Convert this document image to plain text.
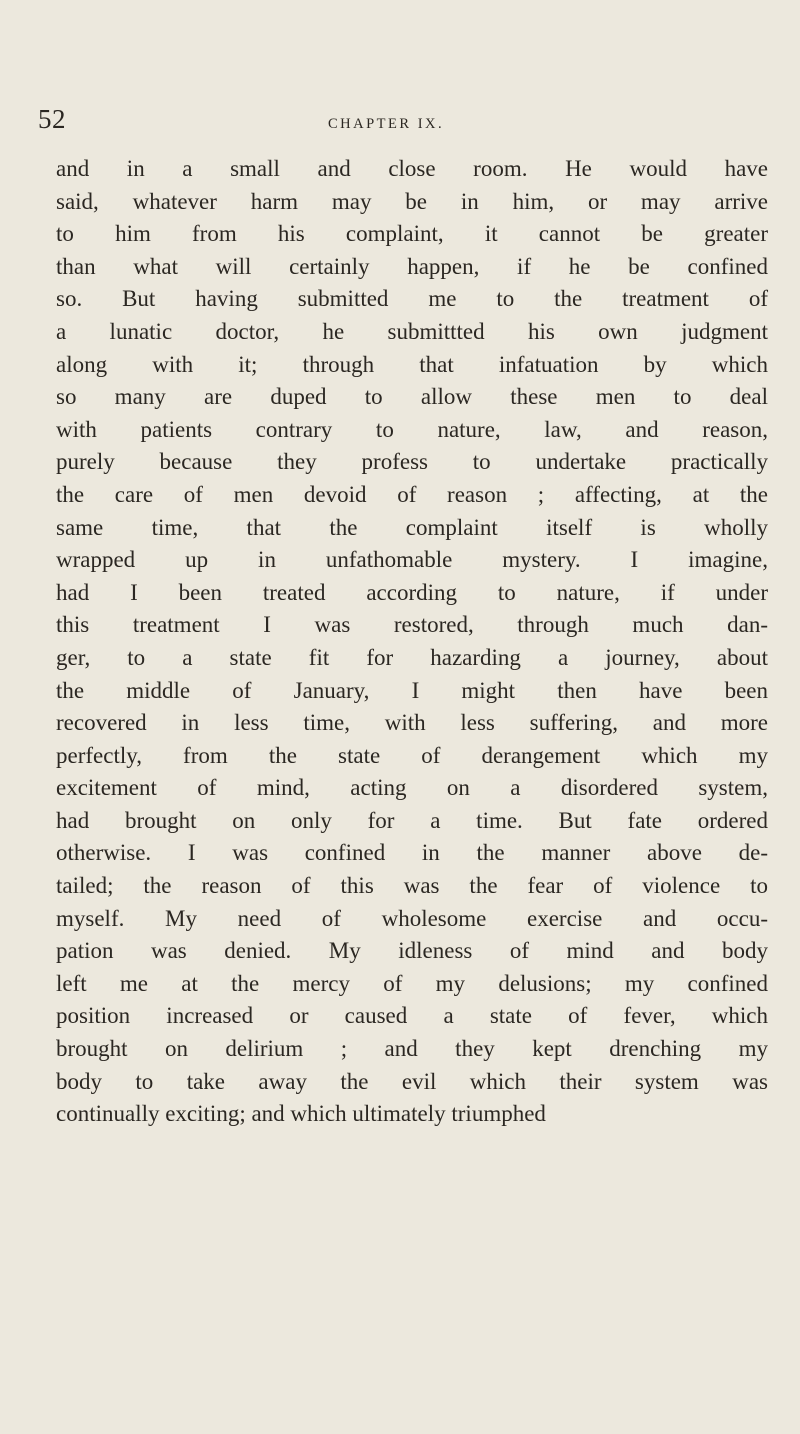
52	CHAPTER IX.
and in a small and close room. He would have
said, whatever harm may be in him, or may arrive
to him from his complaint, it cannot be greater
than what will certainly happen, if he be confined
so. But having submitted me to the treatment of
a lunatic doctor, he submittted his own judgment
along with it; through that infatuation by which
so many are duped to allow these men to deal
with patients contrary to nature, law, and reason,
purely because they profess to undertake practically
the care of men devoid of reason ; affecting, at the
same time, that the complaint itself is wholly
wrapped up in unfathomable mystery. I imagine,
had I been treated according to nature, if under
this treatment I was restored, through much dan-
ger, to a state fit for hazarding a journey, about
the middle of January, I might then have been
recovered in less time, with less suffering, and more
perfectly, from the state of derangement which my
excitement of mind, acting on a disordered system,
had brought on only for a time. But fate ordered
otherwise. I was confined in the manner above de-
tailed; the reason of this was the fear of violence to
myself. My need of wholesome exercise and occu-
pation was denied. My idleness of mind and body
left me at the mercy of my delusions; my confined
position increased or caused a state of fever, which
brought on delirium ; and they kept drenching my
body to take away the evil which their system was
continually exciting; and which ultimately triumphed
